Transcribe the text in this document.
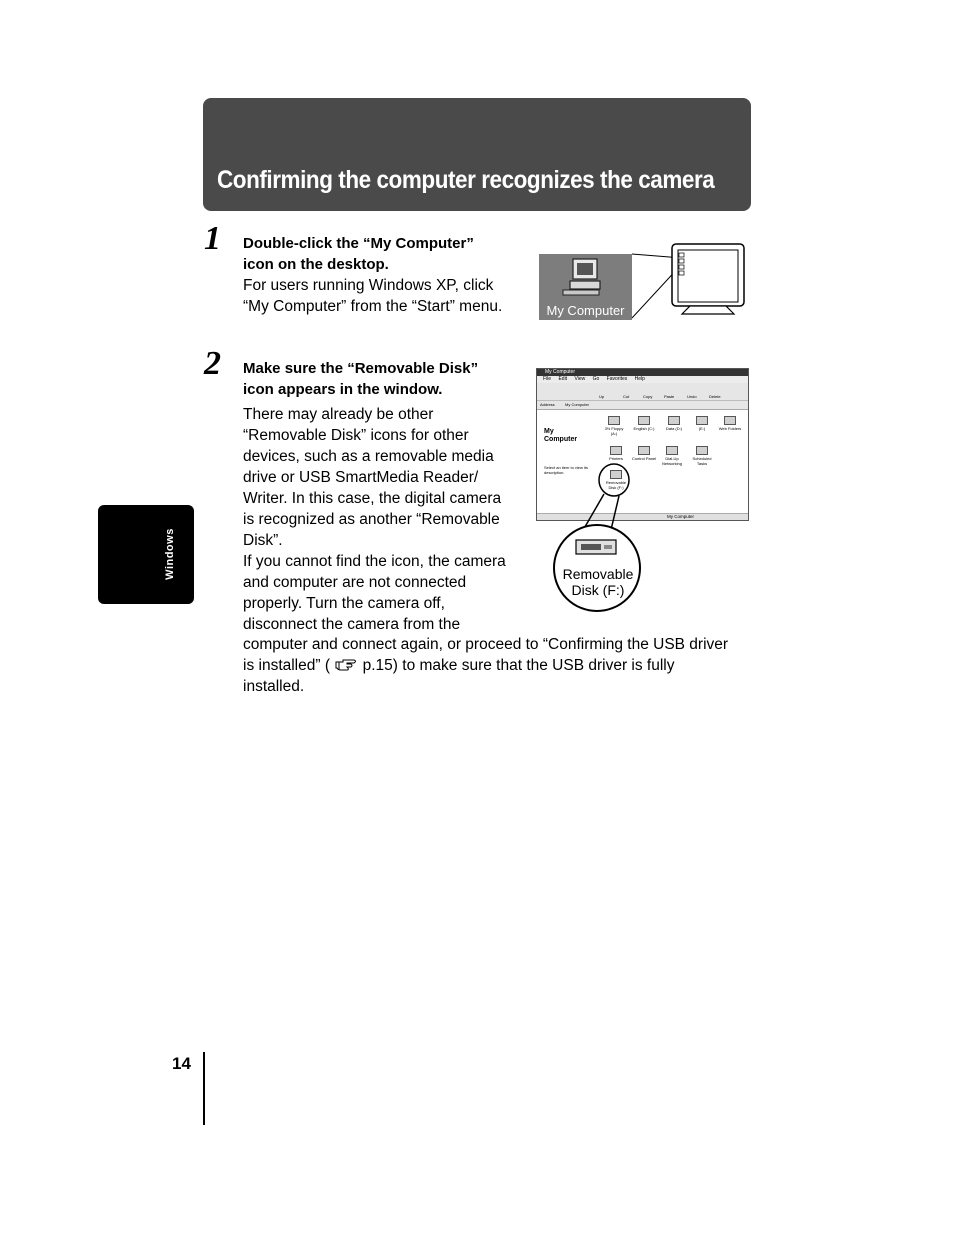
Confirming the computer recognizes the camera
1 Double-click the “My Computer”
icon on the desktop.
For users running Windows XP, click
“My Computer” from the “Start” menu.	My Computer
2 Make sure the “Removable Disk”
icon appears in the window.
There may already be other
“Removable Disk” icons for other
devices, such as a removable media
drive or USB SmartMedia Reader/
Writer. In this case, the digital camera
is recognized as another “Removable
Disk”.
If you cannot find the icon, the camera
and computer are not connected
properly. Turn the camera off,
disconnect the camera from the
computer and connect again, or proceed to “Confirming the USB driver
is installed” ( p.15) to make sure that the USB driver is fully
installed.
My Computer
File Edit View Go Favorites Help
Up	Cut	Copy	Paste	Undo	Delete
Address	My Computer
My
Computer
Select an item to view its description.
3½ Floppy (A:)
English (C:)	Data (D:)	(E:)	Web Folders
Printers	Control Panel	Dial-Up Networking
Scheduled Tasks
Removable Disk (F:)
My Computer
Removable
Disk (F:)
Windows
14
